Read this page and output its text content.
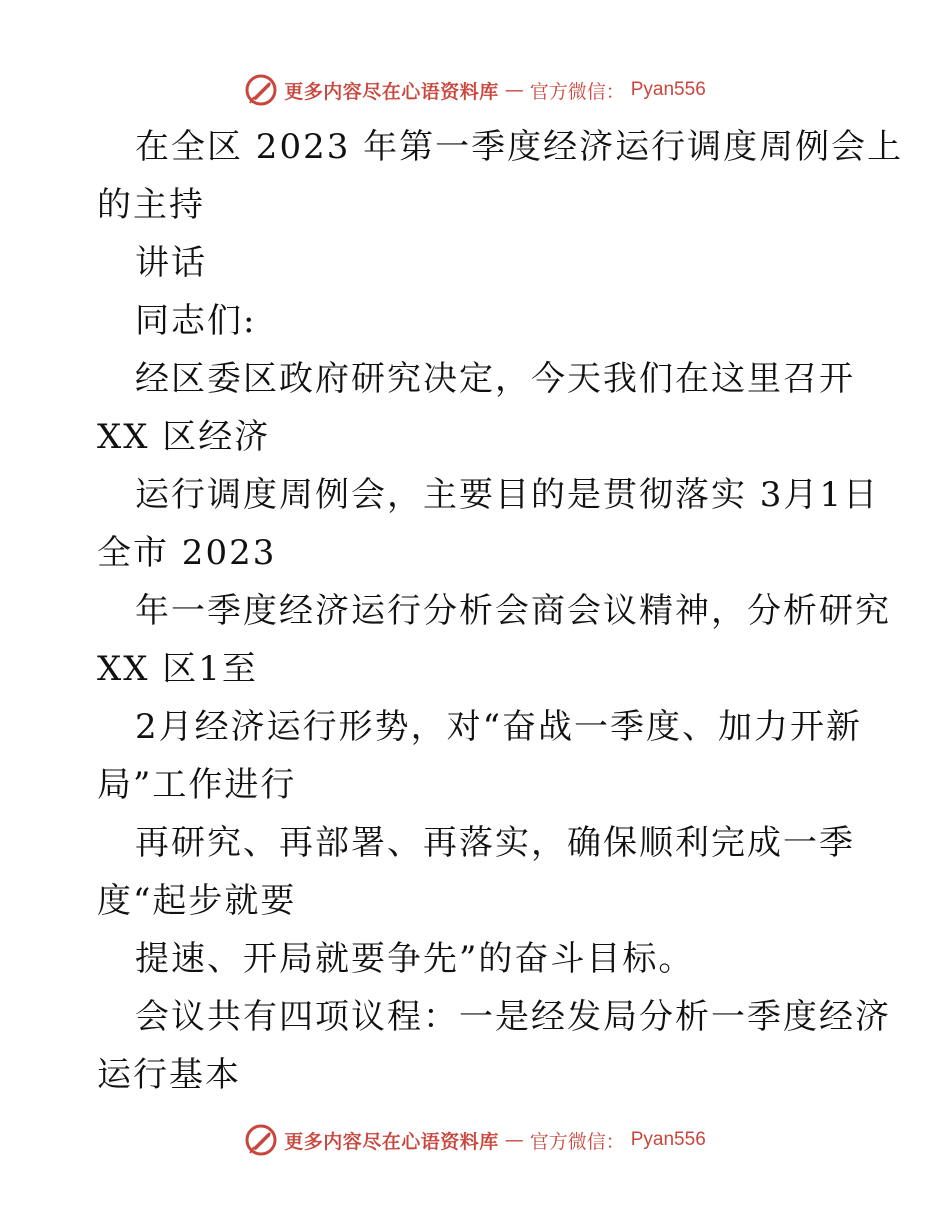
更多内容尽在心语资料库 — 官方微信： Pyan556
在全区 2023 年第一季度经济运行调度周例会上
的主持
讲话
同志们:
经区委区政府研究决定，今天我们在这里召开
XX 区经济
运行调度周例会，主要目的是贯彻落实 3月1日
全市 2023
年一季度经济运行分析会商会议精神，分析研究
XX 区1至
2月经济运行形势，对“奋战一季度、加力开新
局”工作进行
再研究、再部署、再落实，确保顺利完成一季
度“起步就要
提速、开局就要争先”的奋斗目标。
会议共有四项议程：一是经发局分析一季度经济
运行基本
更多内容尽在心语资料库 — 官方微信： Pyan556
